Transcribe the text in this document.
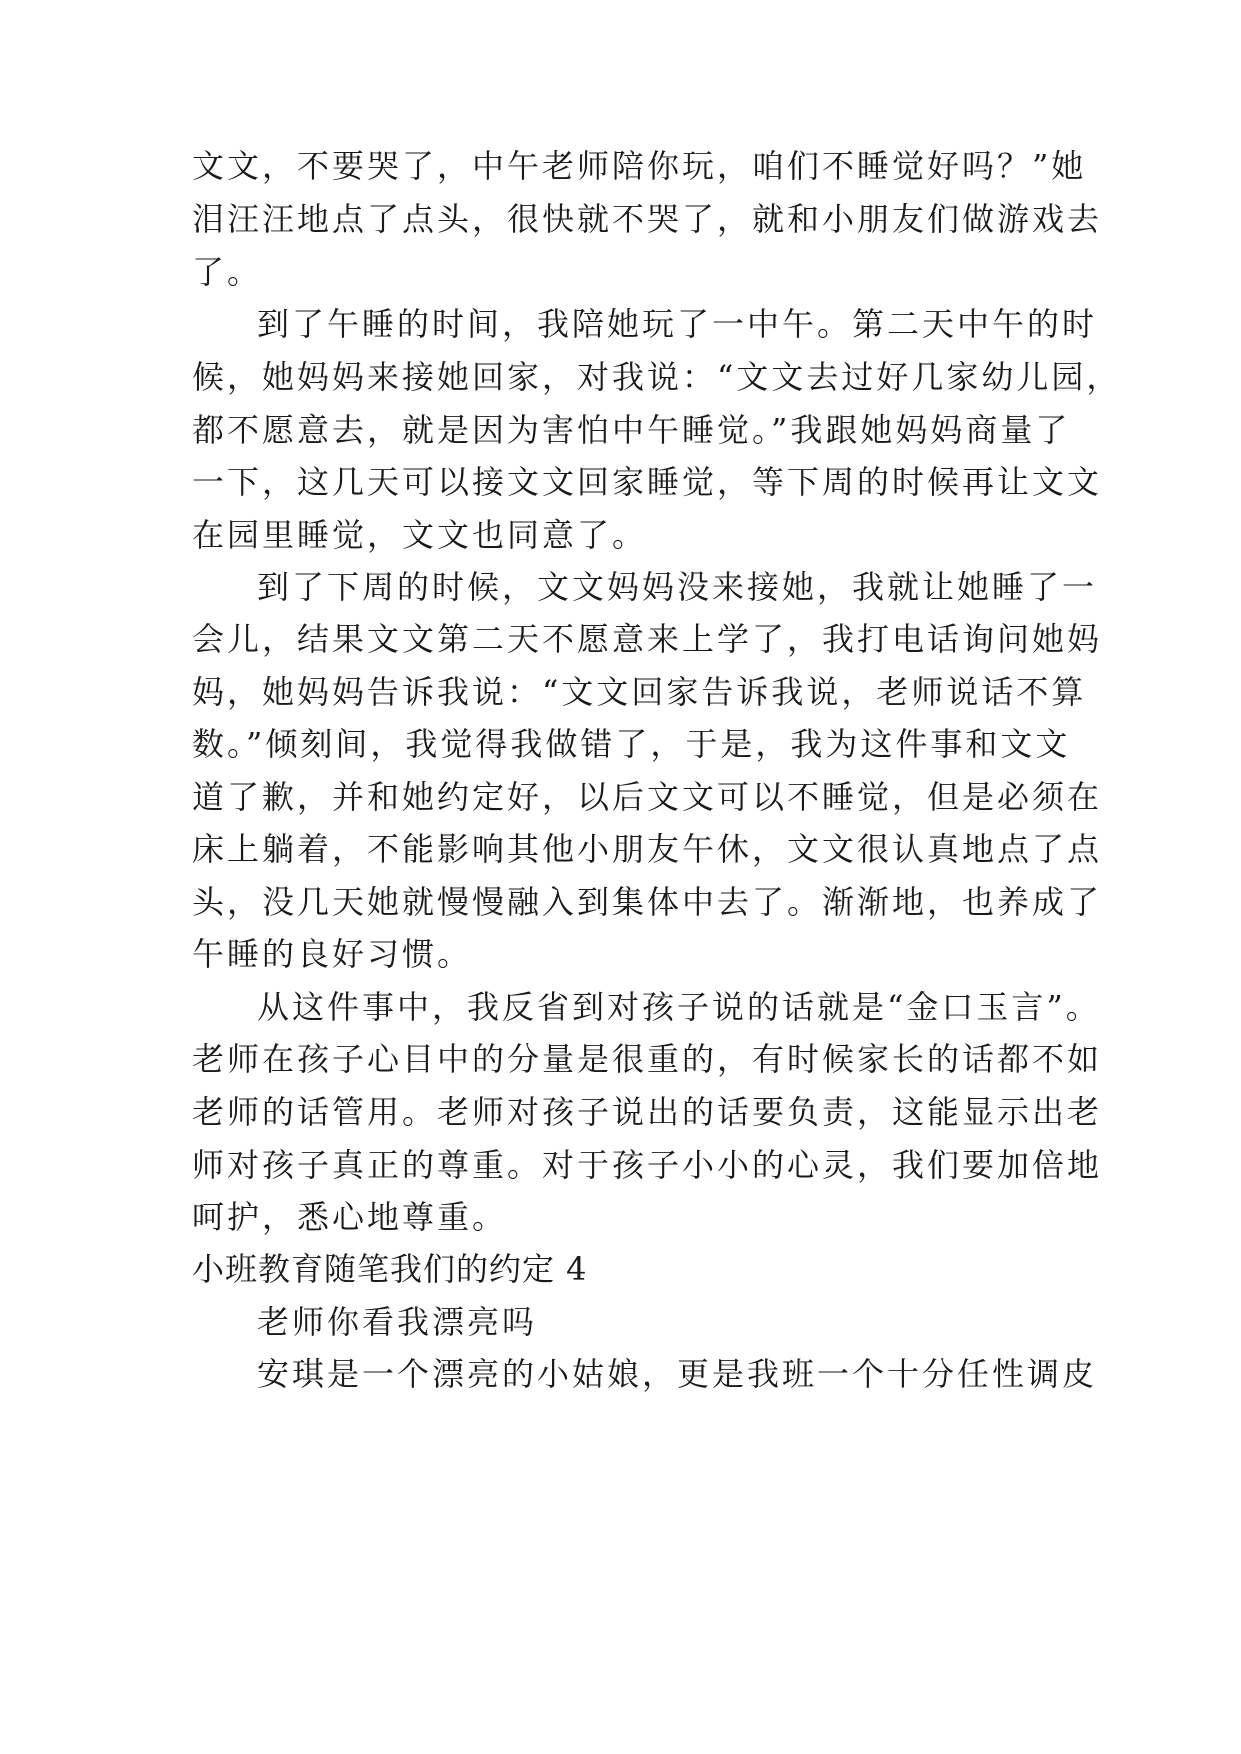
文文，不要哭了，中午老师陪你玩，咱们不睡觉好吗？”她
泪汪汪地点了点头，很快就不哭了，就和小朋友们做游戏去
了。
到了午睡的时间，我陪她玩了一中午。第二天中午的时
候，她妈妈来接她回家，对我说：“文文去过好几家幼儿园，
都不愿意去，就是因为害怕中午睡觉。”我跟她妈妈商量了
一下，这几天可以接文文回家睡觉，等下周的时候再让文文
在园里睡觉，文文也同意了。
到了下周的时候，文文妈妈没来接她，我就让她睡了一
会儿，结果文文第二天不愿意来上学了，我打电话询问她妈
妈，她妈妈告诉我说：“文文回家告诉我说，老师说话不算
数。”倾刻间，我觉得我做错了，于是，我为这件事和文文
道了歉，并和她约定好，以后文文可以不睡觉，但是必须在
床上躺着，不能影响其他小朋友午休，文文很认真地点了点
头，没几天她就慢慢融入到集体中去了。渐渐地，也养成了
午睡的良好习惯。
从这件事中，我反省到对孩子说的话就是“金口玉言”。
老师在孩子心目中的分量是很重的，有时候家长的话都不如
老师的话管用。老师对孩子说出的话要负责，这能显示出老
师对孩子真正的尊重。对于孩子小小的心灵，我们要加倍地
呵护，悉心地尊重。
小班教育随笔我们的约定 4
老师你看我漂亮吗
安琪是一个漂亮的小姑娘，更是我班一个十分任性调皮
